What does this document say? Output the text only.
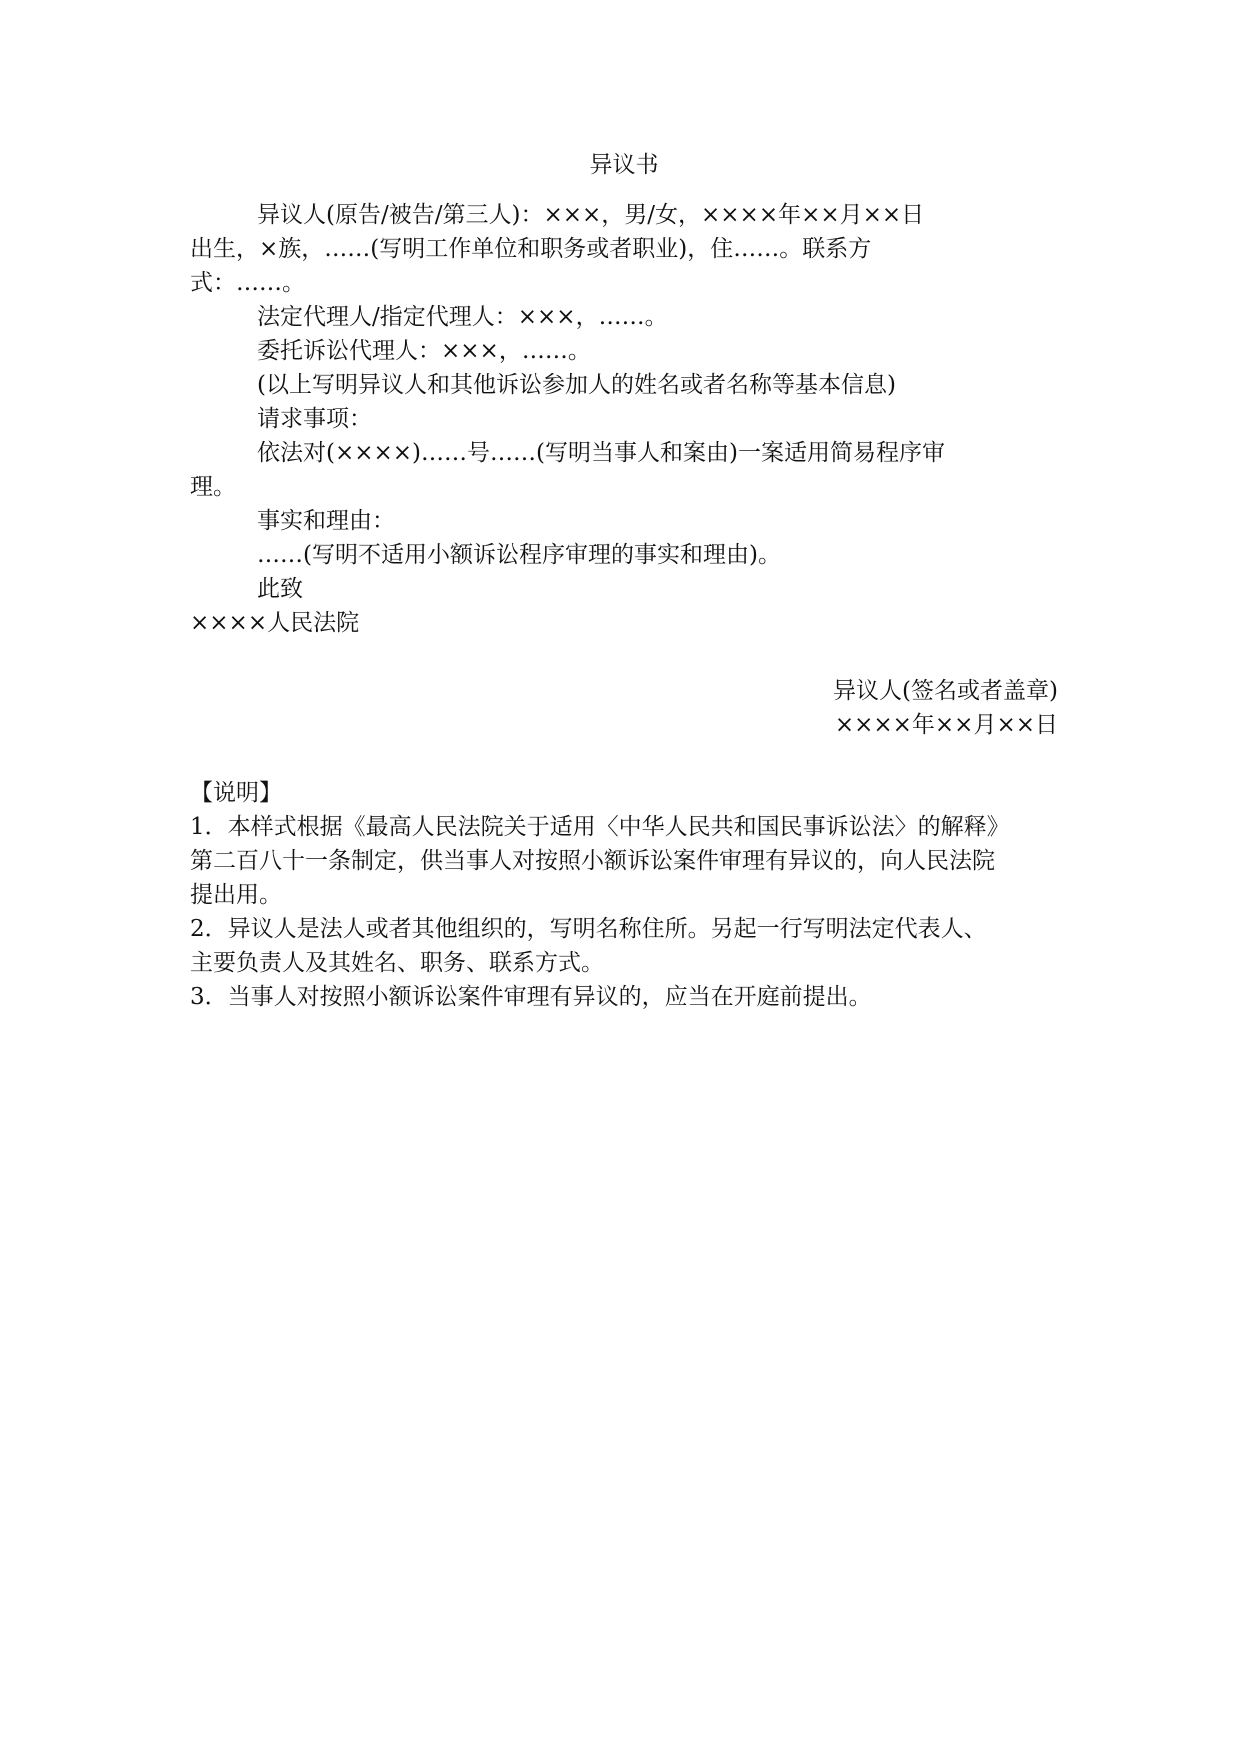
异议书

异议人(原告/被告/第三人)：×××，男/女，××××年××月××日

出生，×族，……(写明工作单位和职务或者职业)，住……。联系方

式：……。

法定代理人/指定代理人：×××，……。

委托诉讼代理人：×××，……。

(以上写明异议人和其他诉讼参加人的姓名或者名称等基本信息)

请求事项：

依法对(××××)……号……(写明当事人和案由)一案适用简易程序审

理。

事实和理由：

……(写明不适用小额诉讼程序审理的事实和理由)。

此致

××××人民法院

异议人(签名或者盖章)

××××年××月××日

【说明】

1．本样式根据《最高人民法院关于适用〈中华人民共和国民事诉讼法〉的解释》

第二百八十一条制定，供当事人对按照小额诉讼案件审理有异议的，向人民法院

提出用。

2．异议人是法人或者其他组织的，写明名称住所。另起一行写明法定代表人、

主要负责人及其姓名、职务、联系方式。

3．当事人对按照小额诉讼案件审理有异议的，应当在开庭前提出。
